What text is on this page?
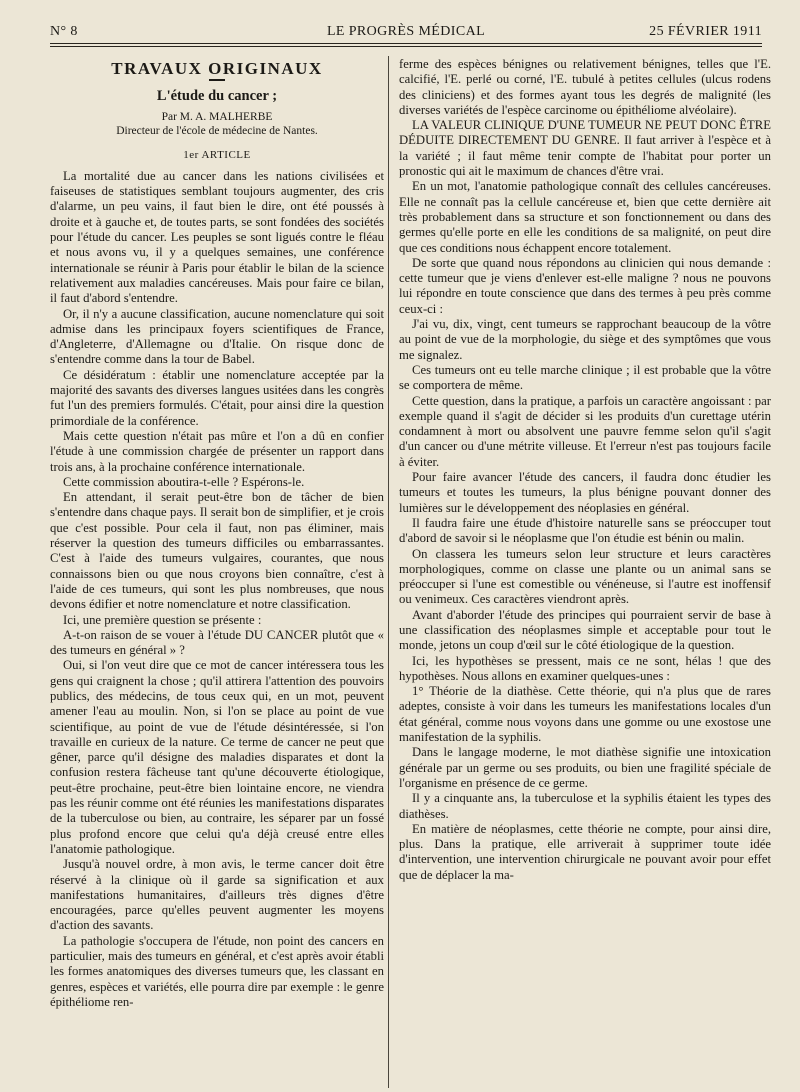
N° 8	LE PROGRÈS MÉDICAL	25 FÉVRIER 1911
TRAVAUX ORIGINAUX
L'étude du cancer ;
Par M. A. MALHERBE
Directeur de l'école de médecine de Nantes.
1er ARTICLE

La mortalité due au cancer dans les nations civilisées et faiseuses de statistiques semblant toujours augmenter, des cris d'alarme, un peu vains, il faut bien le dire, ont été poussés à droite et à gauche et, de toutes parts, se sont fondées des sociétés pour l'étude du cancer. Les peuples se sont ligués contre le fléau et nous avons vu, il y a quelques semaines, une conférence internationale se réunir à Paris pour établir le bilan de la science relativement aux maladies cancéreuses. Mais pour faire ce bilan, il faut d'abord s'entendre.

Or, il n'y a aucune classification, aucune nomenclature qui soit admise dans les principaux foyers scientifiques de France, d'Angleterre, d'Allemagne ou d'Italie. On risque donc de s'entendre comme dans la tour de Babel.

Ce désidératum : établir une nomenclature acceptée par la majorité des savants des diverses langues usitées dans les congrès fut l'un des premiers formulés. C'était, pour ainsi dire la question primordiale de la conférence.

Mais cette question n'était pas mûre et l'on a dû en confier l'étude à une commission chargée de présenter un rapport dans trois ans, à la prochaine conférence internationale.

Cette commission aboutira-t-elle ? Espérons-le.

En attendant, il serait peut-être bon de tâcher de bien s'entendre dans chaque pays. Il serait bon de simplifier, et je crois que c'est possible. Pour cela il faut, non pas éliminer, mais réserver la question des tumeurs difficiles ou embarrassantes. C'est à l'aide des tumeurs vulgaires, courantes, que nous connaissons bien ou que nous croyons bien connaître, c'est à l'aide de ces tumeurs, qui sont les plus nombreuses, que nous devons édifier et notre nomenclature et notre classification.

Ici, une première question se présente :

A-t-on raison de se vouer à l'étude DU CANCER plutôt que « des tumeurs en général » ?

Oui, si l'on veut dire que ce mot de cancer intéressera tous les gens qui craignent la chose ; qu'il attirera l'attention des pouvoirs publics, des médecins, de tous ceux qui, en un mot, peuvent amener l'eau au moulin. Non, si l'on se place au point de vue scientifique, au point de vue de l'étude désintéressée, si l'on travaille en curieux de la nature. Ce terme de cancer ne peut que gêner, parce qu'il désigne des maladies disparates et dont la confusion restera fâcheuse tant qu'une découverte étiologique, peut-être prochaine, peut-être bien lointaine encore, ne viendra pas les réunir comme ont été réunies les manifestations disparates de la tuberculose ou bien, au contraire, les séparer par un fossé plus profond encore que celui qu'a déjà creusé entre elles l'anatomie pathologique.

Jusqu'à nouvel ordre, à mon avis, le terme cancer doit être réservé à la clinique où il garde sa signification et aux manifestations humanitaires, d'ailleurs très dignes d'être encouragées, parce qu'elles peuvent augmenter les moyens d'action des savants.

La pathologie s'occupera de l'étude, non point des cancers en particulier, mais des tumeurs en général, et c'est après avoir établi les formes anatomiques des diverses tumeurs que, les classant en genres, espèces et variétés, elle pourra dire par exemple : le genre épithéliome ren-

ferme des espèces bénignes ou relativement bénignes, telles que l'E. calcifié, l'E. perlé ou corné, l'E. tubulé à petites cellules (ulcus rodens des cliniciens) et des formes ayant tous les degrés de malignité (les diverses variétés de l'espèce carcinome ou épithéliome alvéolaire).

LA VALEUR CLINIQUE D'UNE TUMEUR NE PEUT DONC ÊTRE DÉDUITE DIRECTEMENT DU GENRE. Il faut arriver à l'espèce et à la variété ; il faut même tenir compte de l'habitat pour porter un pronostic qui ait le maximum de chances d'être vrai.

En un mot, l'anatomie pathologique connaît des cellules cancéreuses. Elle ne connaît pas la cellule cancéreuse et, bien que cette dernière ait très probablement dans sa structure et son fonctionnement ou dans des germes qu'elle porte en elle les conditions de sa malignité, on peut dire que ces conditions nous échappent encore totalement.

De sorte que quand nous répondons au clinicien qui nous demande : cette tumeur que je viens d'enlever est-elle maligne ? nous ne pouvons lui répondre en toute conscience que dans des termes à peu près comme ceux-ci :

J'ai vu, dix, vingt, cent tumeurs se rapprochant beaucoup de la vôtre au point de vue de la morphologie, du siège et des symptômes que vous me signalez.

Ces tumeurs ont eu telle marche clinique ; il est probable que la vôtre se comportera de même.

Cette question, dans la pratique, a parfois un caractère angoissant : par exemple quand il s'agit de décider si les produits d'un curettage utérin condamnent à mort ou absolvent une pauvre femme selon qu'il s'agit d'un cancer ou d'une métrite villeuse. Et l'erreur n'est pas toujours facile à éviter.

Pour faire avancer l'étude des cancers, il faudra donc étudier les tumeurs et toutes les tumeurs, la plus bénigne pouvant donner des lumières sur le développement des néoplasies en général.

Il faudra faire une étude d'histoire naturelle sans se préoccuper tout d'abord de savoir si le néoplasme que l'on étudie est bénin ou malin.

On classera les tumeurs selon leur structure et leurs caractères morphologiques, comme on classe une plante ou un animal sans se préoccuper si l'une est comestible ou vénéneuse, si l'autre est inoffensif ou venimeux. Ces caractères viendront après.

Avant d'aborder l'étude des principes qui pourraient servir de base à une classification des néoplasmes simple et acceptable pour tout le monde, jetons un coup d'œil sur le côté étiologique de la question.

Ici, les hypothèses se pressent, mais ce ne sont, hélas ! que des hypothèses. Nous allons en examiner quelques-unes :

1° Théorie de la diathèse. Cette théorie, qui n'a plus que de rares adeptes, consiste à voir dans les tumeurs les manifestations locales d'un état général, comme nous voyons dans une gomme ou une exostose une manifestation de la syphilis.

Dans le langage moderne, le mot diathèse signifie une intoxication générale par un germe ou ses produits, ou bien une fragilité spéciale de l'organisme en présence de ce germe.

Il y a cinquante ans, la tuberculose et la syphilis étaient les types des diathèses.

En matière de néoplasmes, cette théorie ne compte, pour ainsi dire, plus. Dans la pratique, elle arriverait à supprimer toute idée d'intervention, une intervention chirurgicale ne pouvant avoir pour effet que de déplacer la ma-
